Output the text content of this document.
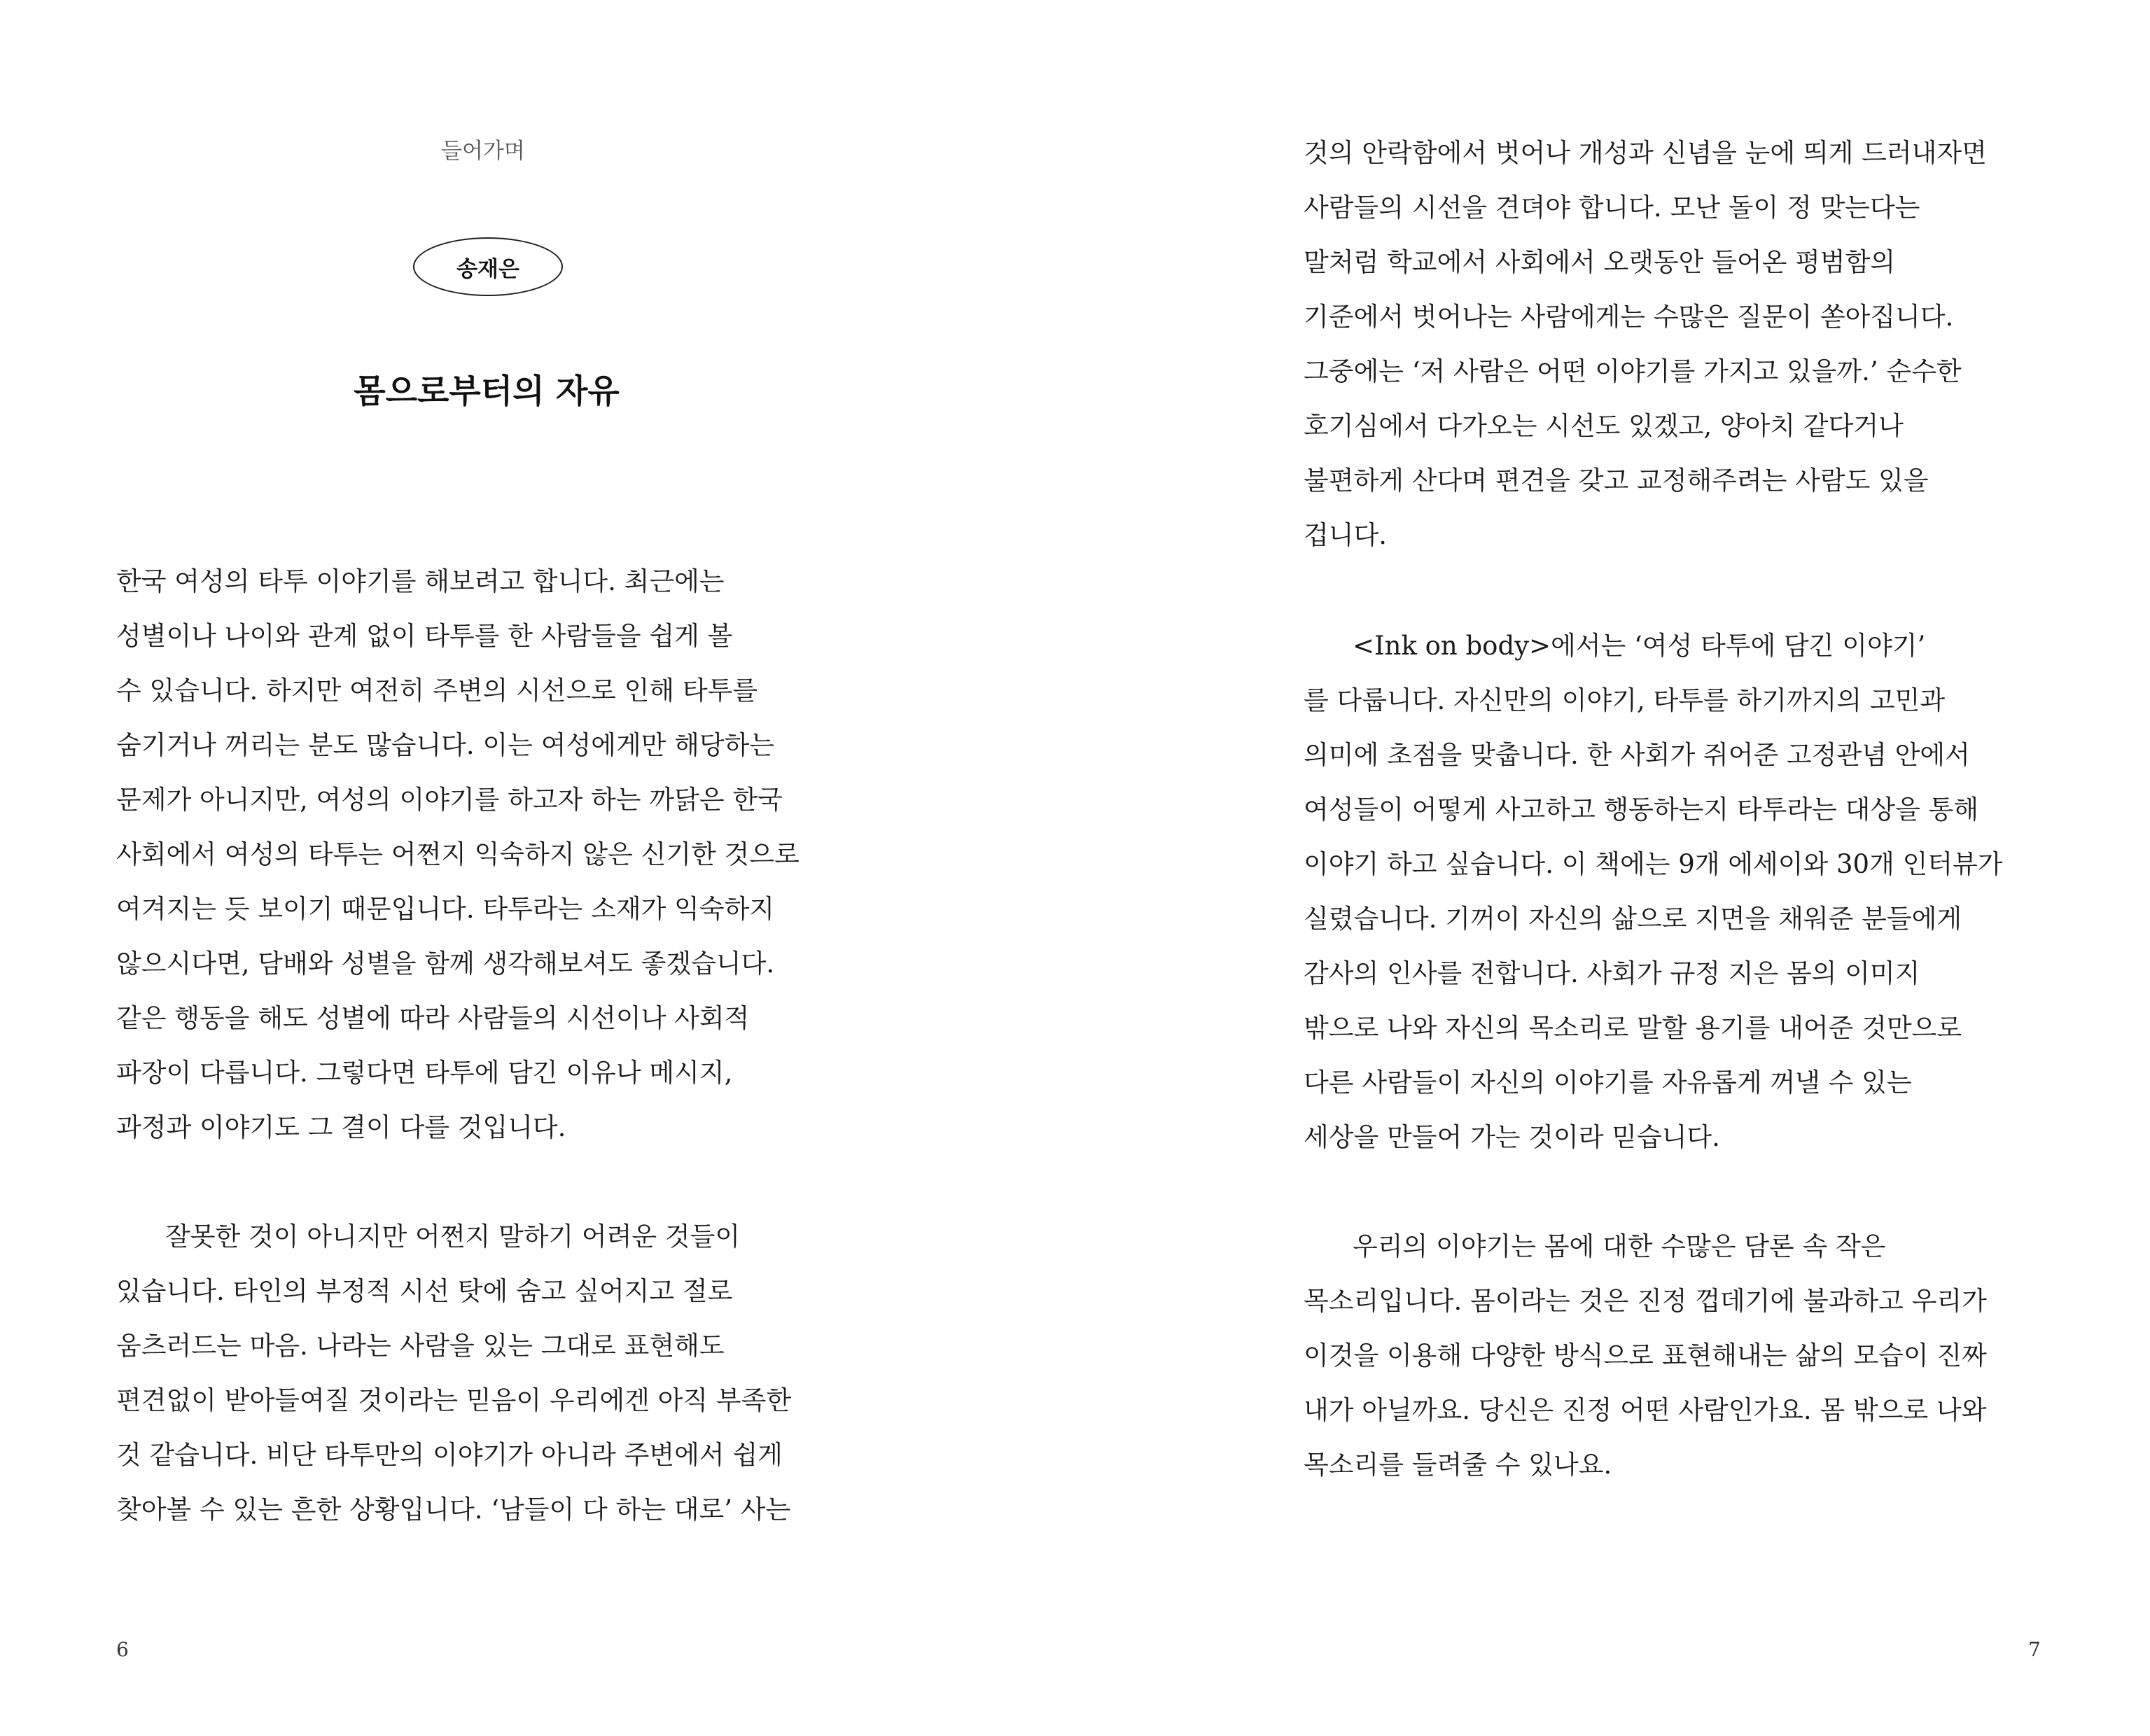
들어가며

송재은
몸으로부터의 자유
한국 여성의 타투 이야기를 해보려고 합니다. 최근에는
성별이나 나이와 관계 없이 타투를 한 사람들을 쉽게 볼
수 있습니다. 하지만 여전히 주변의 시선으로 인해 타투를
숨기거나 꺼리는 분도 많습니다. 이는 여성에게만 해당하는
문제가 아니지만, 여성의 이야기를 하고자 하는 까닭은 한국
사회에서 여성의 타투는 어쩐지 익숙하지 않은 신기한 것으로
여겨지는 듯 보이기 때문입니다. 타투라는 소재가 익숙하지
않으시다면, 담배와 성별을 함께 생각해보셔도 좋겠습니다.
같은 행동을 해도 성별에 따라 사람들의 시선이나 사회적
파장이 다릅니다. 그렇다면 타투에 담긴 이유나 메시지,
과정과 이야기도 그 결이 다를 것입니다.
잘못한 것이 아니지만 어쩐지 말하기 어려운 것들이
있습니다. 타인의 부정적 시선 탓에 숨고 싶어지고 절로
움츠러드는 마음. 나라는 사람을 있는 그대로 표현해도
편견없이 받아들여질 것이라는 믿음이 우리에겐 아직 부족한
것 같습니다. 비단 타투만의 이야기가 아니라 주변에서 쉽게
찾아볼 수 있는 흔한 상황입니다. ‘남들이 다 하는 대로’ 사는

6

것의 안락함에서 벗어나 개성과 신념을 눈에 띄게 드러내자면
사람들의 시선을 견뎌야 합니다. 모난 돌이 정 맞는다는
말처럼 학교에서 사회에서 오랫동안 들어온 평범함의
기준에서 벗어나는 사람에게는 수많은 질문이 쏟아집니다.
그중에는 ‘저 사람은 어떤 이야기를 가지고 있을까.’ 순수한
호기심에서 다가오는 시선도 있겠고, 양아치 같다거나
불편하게 산다며 편견을 갖고 교정해주려는 사람도 있을
겁니다.
<Ink on body>에서는 ‘여성 타투에 담긴 이야기’
를 다룹니다. 자신만의 이야기, 타투를 하기까지의 고민과
의미에 초점을 맞춥니다. 한 사회가 쥐어준 고정관념 안에서
여성들이 어떻게 사고하고 행동하는지 타투라는 대상을 통해
이야기 하고 싶습니다. 이 책에는 9개 에세이와 30개 인터뷰가
실렸습니다. 기꺼이 자신의 삶으로 지면을 채워준 분들에게
감사의 인사를 전합니다. 사회가 규정 지은 몸의 이미지
밖으로 나와 자신의 목소리로 말할 용기를 내어준 것만으로
다른 사람들이 자신의 이야기를 자유롭게 꺼낼 수 있는
세상을 만들어 가는 것이라 믿습니다.
우리의 이야기는 몸에 대한 수많은 담론 속 작은
목소리입니다. 몸이라는 것은 진정 껍데기에 불과하고 우리가
이것을 이용해 다양한 방식으로 표현해내는 삶의 모습이 진짜
내가 아닐까요. 당신은 진정 어떤 사람인가요. 몸 밖으로 나와
목소리를 들려줄 수 있나요.

7
